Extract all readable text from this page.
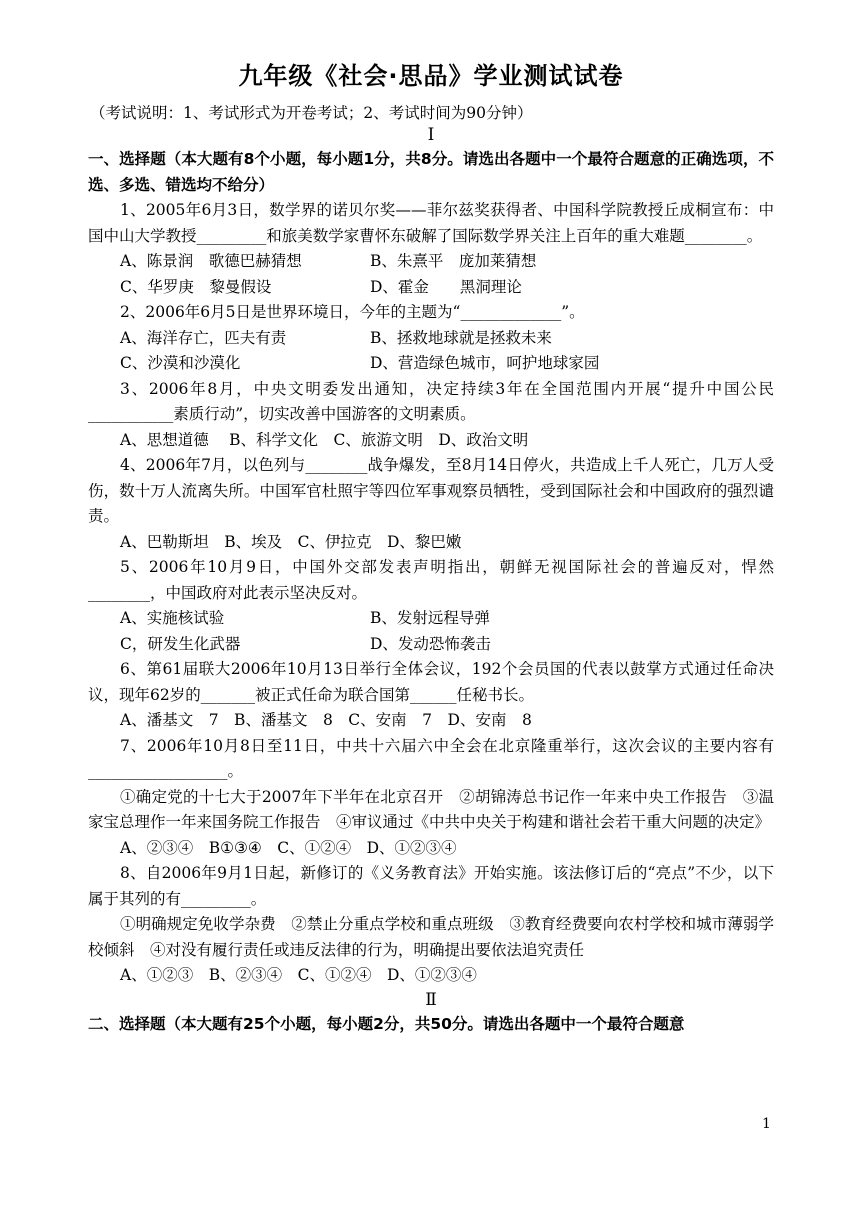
九年级《社会·思品》学业测试试卷
（考试说明：1、考试形式为开卷考试；2、考试时间为90分钟）
Ⅰ
一、选择题（本大题有8个小题，每小题1分，共8分。请选出各题中一个最符合题意的正确选项，不选、多选、错选均不给分）
1、2005年6月3日，数学界的诺贝尔奖——菲尔兹奖获得者、中国科学院教授丘成桐宣布：中国中山大学教授_________和旅美数学家曹怀东破解了国际数学界关注上百年的重大难题________。
A、陈景润　歌德巴赫猜想	B、朱熹平　庞加莱猜想
C、华罗庚　黎曼假设	D、霍金　　黑洞理论
2、2006年6月5日是世界环境日，今年的主题为“_____________”。
A、海洋存亡，匹夫有责	B、拯救地球就是拯救未来
C、沙漠和沙漠化	D、营造绿色城市，呵护地球家园
3、2006年8月，中央文明委发出通知，决定持续3年在全国范围内开展“提升中国公民___________素质行动”，切实改善中国游客的文明素质。
A、思想道德　 B、科学文化　C、旅游文明　D、政治文明
4、2006年7月，以色列与________战争爆发，至8月14日停火，共造成上千人死亡，几万人受伤，数十万人流离失所。中国军官杜照宇等四位军事观察员牺牲，受到国际社会和中国政府的强烈谴责。
A、巴勒斯坦　B、埃及　C、伊拉克　D、黎巴嫩
5、2006年10月9日，中国外交部发表声明指出，朝鲜无视国际社会的普遍反对，悍然________，中国政府对此表示坚决反对。
A、实施核试验	B、发射远程导弹
C，研发生化武器	D、发动恐怖袭击
6、第61届联大2006年10月13日举行全体会议，192个会员国的代表以鼓掌方式通过任命决议，现年62岁的_______被正式任命为联合国第______任秘书长。
A、潘基文　7　B、潘基文　8　C、安南　7　D、安南　8
7、2006年10月8日至11日，中共十六届六中全会在北京隆重举行，这次会议的主要内容有__________________。
①确定党的十七大于2007年下半年在北京召开　②胡锦涛总书记作一年来中央工作报告　③温家宝总理作一年来国务院工作报告　④审议通过《中共中央关于构建和谐社会若干重大问题的决定》
A、②③④　B①③④　C、①②④　D、①②③④
8、自2006年9月1日起，新修订的《义务教育法》开始实施。该法修订后的“亮点”不少，以下属于其列的有_________。
①明确规定免收学杂费　②禁止分重点学校和重点班级　③教育经费要向农村学校和城市薄弱学校倾斜　④对没有履行责任或违反法律的行为，明确提出要依法追究责任
A、①②③　B、②③④　C、①②④　D、①②③④
Ⅱ
二、选择题（本大题有25个小题，每小题2分，共50分。请选出各题中一个最符合题意
1
